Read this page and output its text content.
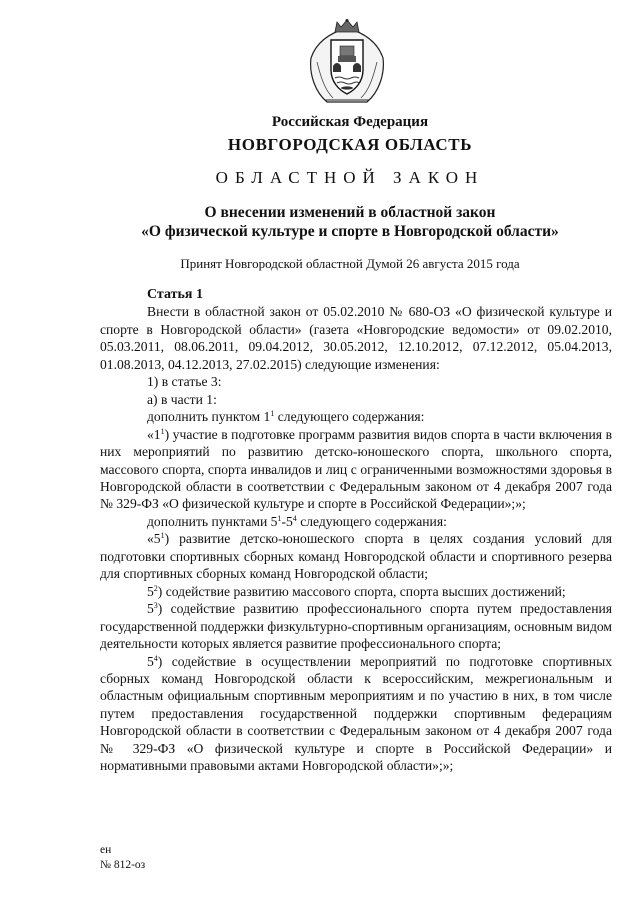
Российская Федерация
НОВГОРОДСКАЯ ОБЛАСТЬ
ОБЛАСТНОЙ ЗАКОН
О внесении изменений в областной закон
«О физической культуре и спорте в Новгородской области»
Принят Новгородской областной Думой 26 августа 2015 года

Статья 1

Внести в областной закон от 05.02.2010 № 680-ОЗ «О физической культуре и спорте в Новгородской области» (газета «Новгородские ведомости» от 09.02.2010, 05.03.2011, 08.06.2011, 09.04.2012, 30.05.2012, 12.10.2012, 07.12.2012, 05.04.2013, 01.08.2013, 04.12.2013, 27.02.2015) следующие изменения:

1) в статье 3:

а) в части 1:

дополнить пунктом $1^1$ следующего содержания:

«$1^1$) участие в подготовке программ развития видов спорта в части включения в них мероприятий по развитию детско-юношеского спорта, школьного спорта, массового спорта, спорта инвалидов и лиц с ограниченными возможностями здоровья в Новгородской области в соответствии с Федеральным законом от 4 декабря 2007 года № 329-ФЗ «О физической культуре и спорте в Российской Федерации»;»;

дополнить пунктами $5^1-5^4$ следующего содержания:

«$5^1$) развитие детско-юношеского спорта в целях создания условий для подготовки спортивных сборных команд Новгородской области и спортивного резерва для спортивных сборных команд Новгородской области;

$5^2$) содействие развитию массового спорта, спорта высших достижений;

$5^3$) содействие развитию профессионального спорта путем предоставления государственной поддержки физкультурно-спортивным организациям, основным видом деятельности которых является развитие профессионального спорта;

$5^4$) содействие в осуществлении мероприятий по подготовке спортивных сборных команд Новгородской области к всероссийским, межрегиональным и областным официальным спортивным мероприятиям и по участию в них, в том числе путем предоставления государственной поддержки спортивным федерациям Новгородской области в соответствии с Федеральным законом от 4 декабря 2007 года № 329-ФЗ «О физической культуре и спорте в Российской Федерации» и нормативными правовыми актами Новгородской области»;»;

ен
№ 812-оз
